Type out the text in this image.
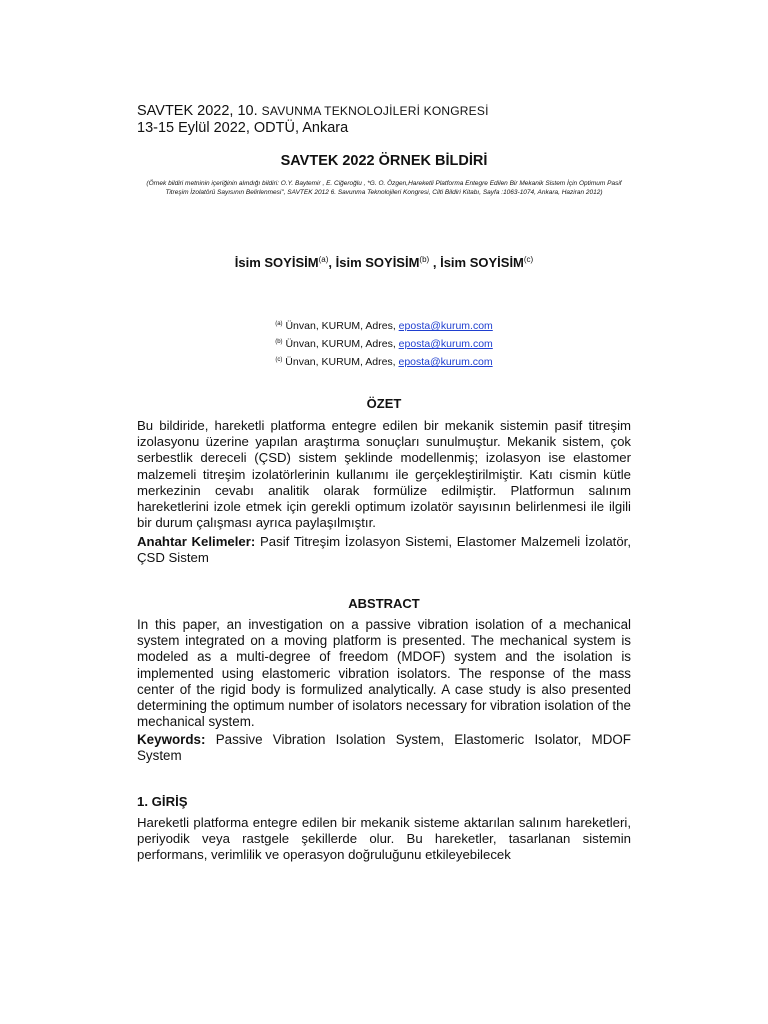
SAVTEK 2022, 10. SAVUNMA TEKNOLOJİLERİ KONGRESİ
13-15 Eylül 2022, ODTÜ, Ankara
SAVTEK 2022 ÖRNEK BİLDİRİ
(Örnek bildiri metninin içeriğinin alındığı bildiri: O.Y. Baytemir , E. Ciğeroğlu , *G. O. Özgen,Hareketli Platforma Entegre Edilen Bir Mekanik Sistem İçin Optimum Pasif Titreşim İzolatörü Sayısının Belirlenmesi", SAVTEK 2012 6. Savunma Teknolojileri Kongresi, Cilti Bildiri Kitabı, Sayfa :1063-1074, Ankara, Haziran 2012)
İsim SOYİSİM$^{(a)}$, İsim SOYİSİM$^{(b)}$ , İsim SOYİSİM$^{(c)}$
$^{(a)}$ Ünvan, KURUM, Adres, eposta@kurum.com
$^{(b)}$ Ünvan, KURUM, Adres, eposta@kurum.com
$^{(c)}$ Ünvan, KURUM, Adres, eposta@kurum.com
ÖZET
Bu bildiride, hareketli platforma entegre edilen bir mekanik sistemin pasif titreşim izolasyonu üzerine yapılan araştırma sonuçları sunulmuştur. Mekanik sistem, çok serbestlik dereceli (ÇSD) sistem şeklinde modellenmiş; izolasyon ise elastomer malzemeli titreşim izolatörlerinin kullanımı ile gerçekleştirilmiştir. Katı cismin kütle merkezinin cevabı analitik olarak formülize edilmiştir. Platformun salınım hareketlerini izole etmek için gerekli optimum izolatör sayısının belirlenmesi ile ilgili bir durum çalışması ayrıca paylaşılmıştır.
Anahtar Kelimeler: Pasif Titreşim İzolasyon Sistemi, Elastomer Malzemeli İzolatör, ÇSD Sistem
ABSTRACT
In this paper, an investigation on a passive vibration isolation of a mechanical system integrated on a moving platform is presented. The mechanical system is modeled as a multi-degree of freedom (MDOF) system and the isolation is implemented using elastomeric vibration isolators. The response of the mass center of the rigid body is formulized analytically. A case study is also presented determining the optimum number of isolators necessary for vibration isolation of the mechanical system.
Keywords: Passive Vibration Isolation System, Elastomeric Isolator, MDOF System
1. GİRİŞ
Hareketli platforma entegre edilen bir mekanik sisteme aktarılan salınım hareketleri, periyodik veya rastgele şekillerde olur. Bu hareketler, tasarlanan sistemin performans, verimlilik ve operasyon doğruluğunu etkileyebilecek
